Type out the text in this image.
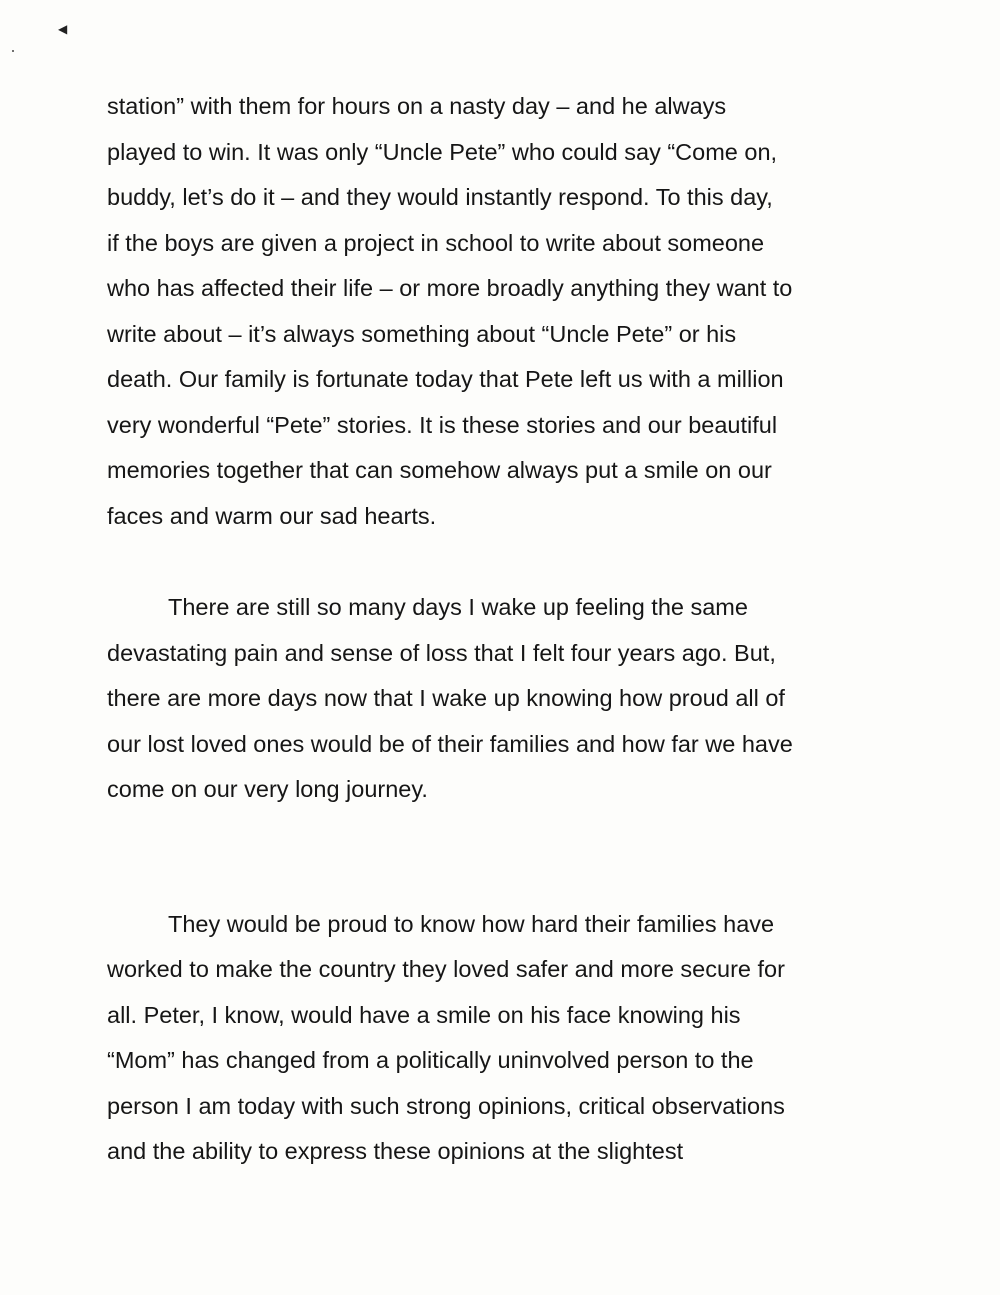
◀
station” with them for hours on a nasty day – and he always
played to win. It was only “Uncle Pete” who could say “Come on,
buddy, let’s do it – and they would instantly respond. To this day,
if the boys are given a project in school to write about someone
who has affected their life – or more broadly anything they want to
write about – it’s always something about “Uncle Pete” or his
death. Our family is fortunate today that Pete left us with a million
very wonderful “Pete” stories. It is these stories and our beautiful
memories together that can somehow always put a smile on our
faces and warm our sad hearts.
There are still so many days I wake up feeling the same
devastating pain and sense of loss that I felt four years ago. But,
there are more days now that I wake up knowing how proud all of
our lost loved ones would be of their families and how far we have
come on our very long journey.
They would be proud to know how hard their families have
worked to make the country they loved safer and more secure for
all. Peter, I know, would have a smile on his face knowing his
“Mom” has changed from a politically uninvolved person to the
person I am today with such strong opinions, critical observations
and the ability to express these opinions at the slightest
